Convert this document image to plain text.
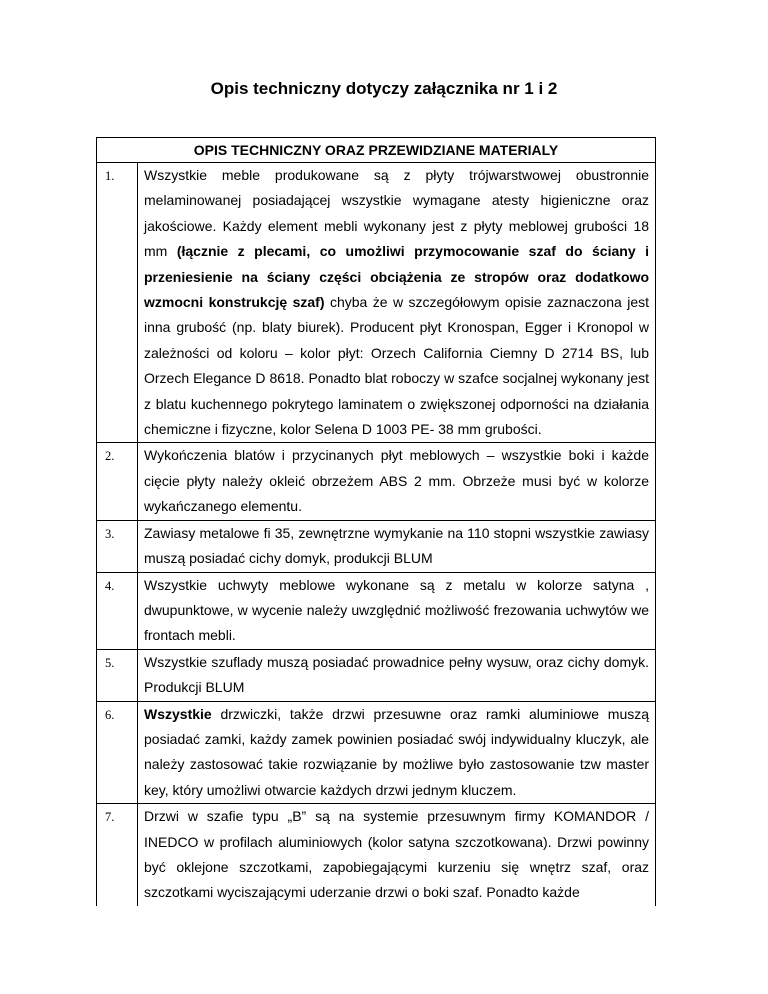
Opis techniczny dotyczy załącznika nr 1 i 2
OPIS TECHNICZNY ORAZ PRZEWIDZIANE MATERIALY	
1.	Wszystkie meble produkowane są z płyty trójwarstwowej obustronnie melaminowanej posiadającej wszystkie wymagane atesty higieniczne oraz jakościowe. Każdy element mebli wykonany jest z płyty meblowej grubości 18 mm (łącznie z plecami, co umożliwi przymocowanie szaf do ściany i przeniesienie na ściany części obciążenia ze stropów oraz dodatkowo wzmocni konstrukcję szaf) chyba że w szczegółowym opisie zaznaczona jest inna grubość (np. blaty biurek). Producent płyt Kronospan, Egger i Kronopol w zależności od koloru – kolor płyt: Orzech California Ciemny D 2714 BS, lub Orzech Elegance D 8618. Ponadto blat roboczy w szafce socjalnej wykonany jest z blatu kuchennego pokrytego laminatem o zwiększonej odporności na działania chemiczne i fizyczne, kolor Selena D 1003 PE- 38 mm grubości.
2.	Wykończenia blatów i przycinanych płyt meblowych – wszystkie boki i każde cięcie płyty należy okleić obrzeżem ABS 2 mm. Obrzeże musi być w kolorze wykańczanego elementu.
3.	Zawiasy metalowe fi 35, zewnętrzne wymykanie na 110 stopni wszystkie zawiasy muszą posiadać cichy domyk, produkcji BLUM
4.	Wszystkie uchwyty meblowe wykonane są z metalu w kolorze satyna , dwupunktowe, w wycenie należy uwzględnić możliwość frezowania uchwytów we frontach mebli.
5.	Wszystkie szuflady muszą posiadać prowadnice pełny wysuw, oraz cichy domyk. Produkcji BLUM
6.	Wszystkie drzwiczki, także drzwi przesuwne oraz ramki aluminiowe muszą posiadać zamki, każdy zamek powinien posiadać swój indywidualny kluczyk, ale należy zastosować takie rozwiązanie by możliwe było zastosowanie tzw master key, który umożliwi otwarcie każdych drzwi jednym kluczem.
7.	Drzwi w szafie typu „B” są na systemie przesuwnym firmy KOMANDOR / INEDCO w profilach aluminiowych (kolor satyna szczotkowana). Drzwi powinny być oklejone szczotkami, zapobiegającymi kurzeniu się wnętrz szaf, oraz szczotkami wyciszającymi uderzanie drzwi o boki szaf. Ponadto każde
